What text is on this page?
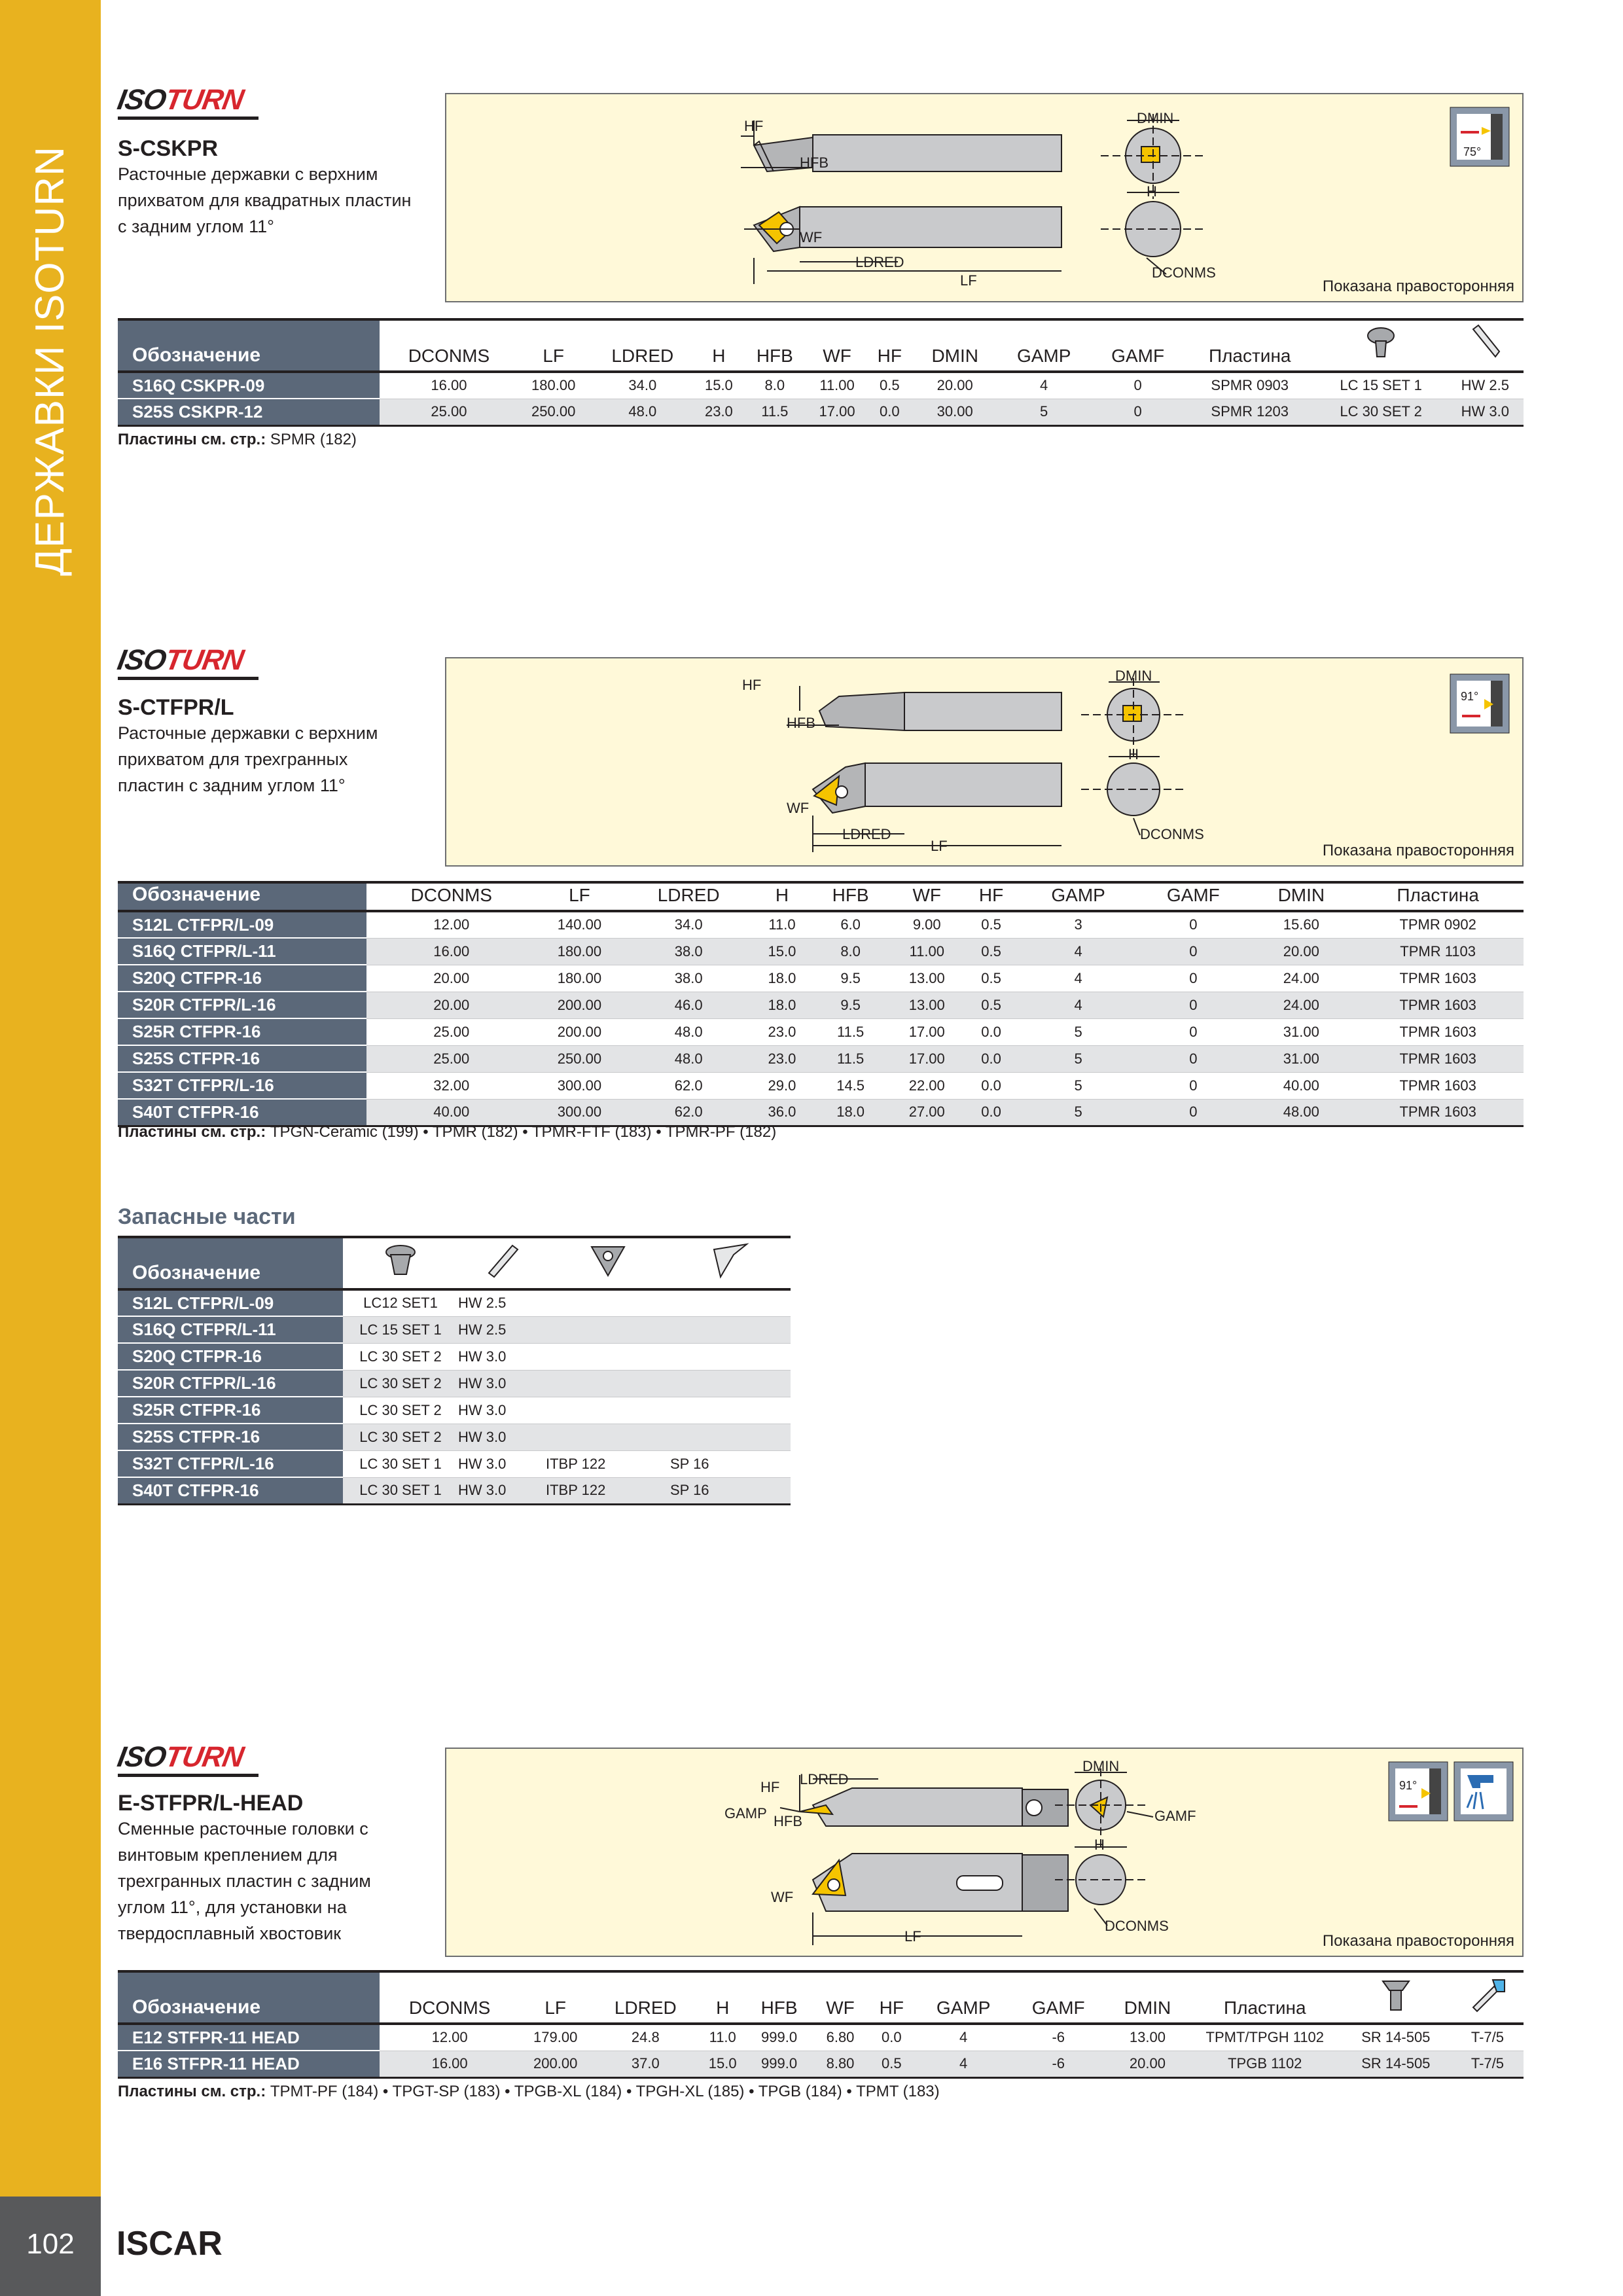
ДЕРЖАВКИ ISOTURN
102	ISCAR
ISOTURN
S-CSKPR
Расточные державки с верхним прихватом для квадратных пластин с задним углом 11°
HF
HFB
WF
LDRED
LF
DMIN
H
DCONMS
75°
Показана правосторонняя
Обозначение	DCONMS	LF	LDRED	H	HFB	WF	HF	DMIN	GAMP	GAMF	Пластина		
S16Q CSKPR-09	16.00	180.00	34.0	15.0	8.0	11.00	0.5	20.00	4	0	SPMR 0903	LC 15 SET 1	HW 2.5
S25S CSKPR-12	25.00	250.00	48.0	23.0	11.5	17.00	0.0	30.00	5	0	SPMR 1203	LC 30 SET 2	HW 3.0
Пластины см. стр.: SPMR (182)
ISOTURN
S-CTFPR/L
Расточные державки с верхним прихватом для трехгранных пластин с задним углом 11°
HF
HFB
WF
LDRED
LF
DMIN
H
DCONMS
91°
Показана правосторонняя
Обозначение	DCONMS	LF	LDRED	H	HFB	WF	HF	GAMP	GAMF	DMIN	Пластина
S12L CTFPR/L-09	12.00	140.00	34.0	11.0	6.0	9.00	0.5	3	0	15.60	TPMR 0902
S16Q CTFPR/L-11	16.00	180.00	38.0	15.0	8.0	11.00	0.5	4	0	20.00	TPMR 1103
S20Q CTFPR-16	20.00	180.00	38.0	18.0	9.5	13.00	0.5	4	0	24.00	TPMR 1603
S20R CTFPR/L-16	20.00	200.00	46.0	18.0	9.5	13.00	0.5	4	0	24.00	TPMR 1603
S25R CTFPR-16	25.00	200.00	48.0	23.0	11.5	17.00	0.0	5	0	31.00	TPMR 1603
S25S CTFPR-16	25.00	250.00	48.0	23.0	11.5	17.00	0.0	5	0	31.00	TPMR 1603
S32T CTFPR/L-16	32.00	300.00	62.0	29.0	14.5	22.00	0.0	5	0	40.00	TPMR 1603
S40T CTFPR-16	40.00	300.00	62.0	36.0	18.0	27.00	0.0	5	0	48.00	TPMR 1603
Пластины см. стр.: TPGN-Ceramic (199) • TPMR (182) • TPMR-FTF (183) • TPMR-PF (182)
Запасные части
Обозначение				
S12L CTFPR/L-09	LC12 SET1	HW 2.5		
S16Q CTFPR/L-11	LC 15 SET 1	HW 2.5		
S20Q CTFPR-16	LC 30 SET 2	HW 3.0		
S20R CTFPR/L-16	LC 30 SET 2	HW 3.0		
S25R CTFPR-16	LC 30 SET 2	HW 3.0		
S25S CTFPR-16	LC 30 SET 2	HW 3.0		
S32T CTFPR/L-16	LC 30 SET 1	HW 3.0	ITBP 122	SP 16
S40T CTFPR-16	LC 30 SET 1	HW 3.0	ITBP 122	SP 16
ISOTURN
E-STFPR/L-HEAD
Сменные расточные головки с винтовым креплением для трехгранных пластин с задним углом 11°, для установки на твердосплавный хвостовик
GAMP	GAMF
HF
HFB
LDRED
WF
LF
DMIN
H
DCONMS
91°
Показана правосторонняя
Обозначение	DCONMS	LF	LDRED	H	HFB	WF	HF	GAMP	GAMF	DMIN	Пластина		
E12 STFPR-11 HEAD	12.00	179.00	24.8	11.0	999.0	6.80	0.0	4	-6	13.00	TPMT/TPGH 1102	SR 14-505	T-7/5
E16 STFPR-11 HEAD	16.00	200.00	37.0	15.0	999.0	8.80	0.5	4	-6	20.00	TPGB 1102	SR 14-505	T-7/5
Пластины см. стр.: TPMT-PF (184) • TPGT-SP (183) • TPGB-XL (184) • TPGH-XL (185) • TPGB (184) • TPMT (183)
